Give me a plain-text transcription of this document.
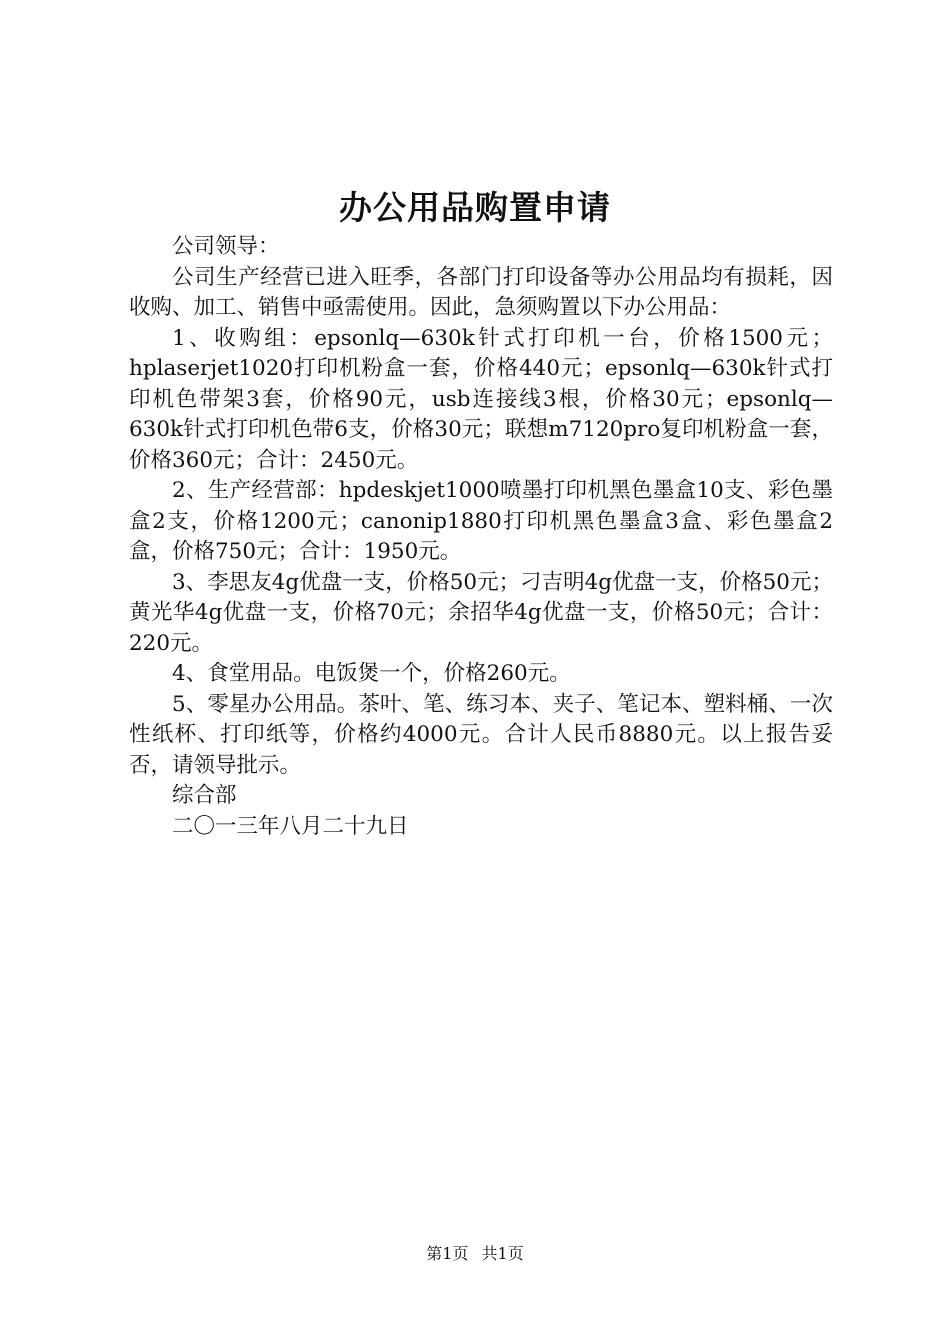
办公用品购置申请

公司领导：

公司生产经营已进入旺季，各部门打印设备等办公用品均有损耗，因收购、加工、销售中亟需使用。因此，急须购置以下办公用品：

1、收购组：epsonlq—630k针式打印机一台，价格1500元；hplaserjet1020打印机粉盒一套，价格440元；epsonlq—630k针式打印机色带架3套，价格90元，usb连接线3根，价格30元；epsonlq—630k针式打印机色带6支，价格30元；联想m7120pro复印机粉盒一套，价格360元；合计：2450元。

2、生产经营部：hpdeskjet1000喷墨打印机黑色墨盒10支、彩色墨盒2支，价格1200元；canonip1880打印机黑色墨盒3盒、彩色墨盒2盒，价格750元；合计：1950元。

3、李思友4g优盘一支，价格50元；刁吉明4g优盘一支，价格50元；黄光华4g优盘一支，价格70元；余招华4g优盘一支，价格50元；合计：220元。

4、食堂用品。电饭煲一个，价格260元。

5、零星办公用品。茶叶、笔、练习本、夹子、笔记本、塑料桶、一次性纸杯、打印纸等，价格约4000元。合计人民币8880元。以上报告妥否，请领导批示。

综合部

二〇一三年八月二十九日

第1页 共1页
